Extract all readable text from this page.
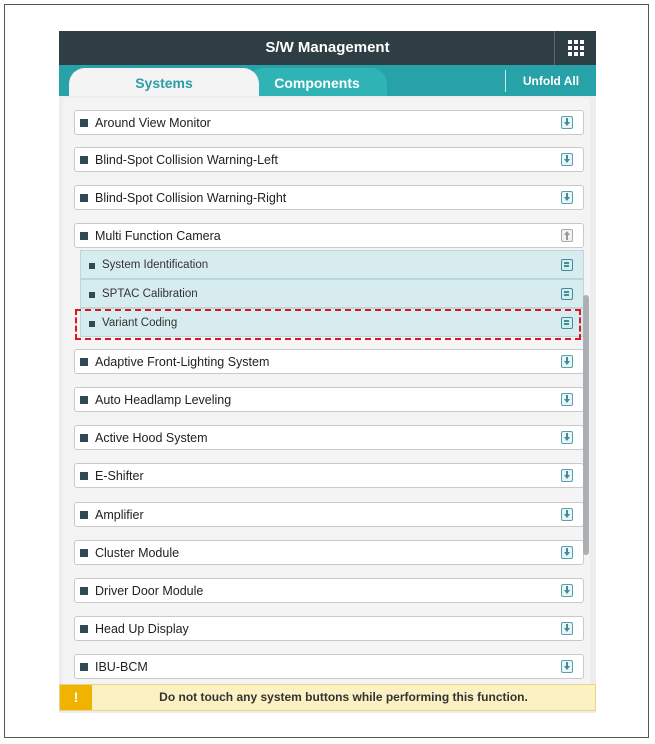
S/W Management
Components
Systems	Unfold All
Around View Monitor
Blind-Spot Collision Warning-Left
Blind-Spot Collision Warning-Right
Multi Function Camera
System Identification
SPTAC Calibration
Variant Coding
Adaptive Front-Lighting System
Auto Headlamp Leveling
Active Hood System
E-Shifter
Amplifier
Cluster Module
Driver Door Module
Head Up Display
IBU-BCM
!	Do not touch any system buttons while performing this function.
